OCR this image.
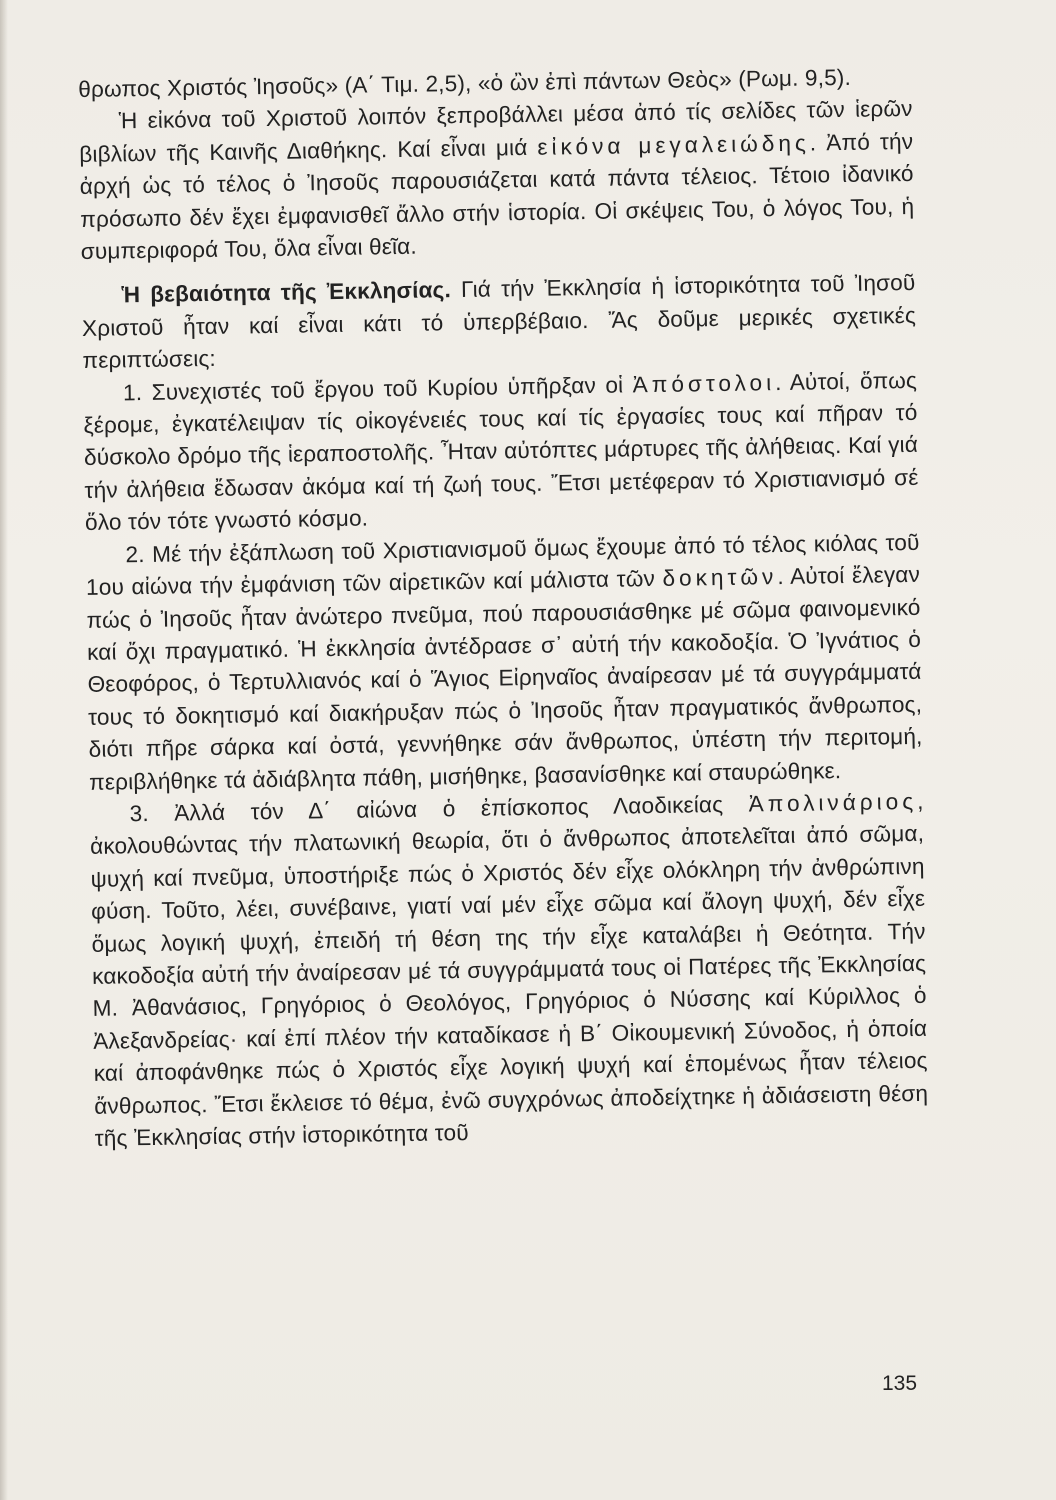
θρωπος Χριστός Ἰησοῦς» (Α΄ Τιμ. 2,5), «ὁ ὢν ἐπὶ πάντων Θεὸς» (Ρωμ. 9,5).

Ἡ εἰκόνα τοῦ Χριστοῦ λοιπόν ξεπροβάλλει μέσα ἀπό τίς σελίδες τῶν ἱερῶν βιβλίων τῆς Καινῆς Διαθήκης. Καί εἶναι μιά εἰκόνα μεγαλειώδης. Ἀπό τήν ἀρχή ὡς τό τέλος ὁ Ἰησοῦς παρουσιάζεται κατά πάντα τέλειος. Τέτοιο ἰδανικό πρόσωπο δέν ἔχει ἐμφανισθεῖ ἄλλο στήν ἱστορία. Οἱ σκέψεις Του, ὁ λόγος Του, ἡ συμπεριφορά Του, ὅλα εἶναι θεῖα.

Ἡ βεβαιότητα τῆς Ἐκκλησίας. Γιά τήν Ἐκκλησία ἡ ἱστορικότητα τοῦ Ἰησοῦ Χριστοῦ ἦταν καί εἶναι κάτι τό ὑπερβέβαιο. Ἄς δοῦμε μερικές σχετικές περιπτώσεις:

1. Συνεχιστές τοῦ ἔργου τοῦ Κυρίου ὑπῆρξαν οἱ Ἀπόστολοι. Αὐτοί, ὅπως ξέρομε, ἐγκατέλειψαν τίς οἰκογένειές τους καί τίς ἐργασίες τους καί πῆραν τό δύσκολο δρόμο τῆς ἱεραποστολῆς. Ἦταν αὐτόπτες μάρτυρες τῆς ἀλήθειας. Καί γιά τήν ἀλήθεια ἔδωσαν ἀκόμα καί τή ζωή τους. Ἔτσι μετέφεραν τό Χριστιανισμό σέ ὅλο τόν τότε γνωστό κόσμο.

2. Μέ τήν ἐξάπλωση τοῦ Χριστιανισμοῦ ὅμως ἔχουμε ἀπό τό τέλος κιόλας τοῦ 1ου αἰώνα τήν ἐμφάνιση τῶν αἱρετικῶν καί μάλιστα τῶν δοκητῶν. Αὐτοί ἔλεγαν πώς ὁ Ἰησοῦς ἦταν ἀνώτερο πνεῦμα, πού παρουσιάσθηκε μέ σῶμα φαινομενικό καί ὄχι πραγματικό. Ἡ ἐκκλησία ἀντέδρασε σ᾽ αὐτή τήν κακοδοξία. Ὁ Ἰγνάτιος ὁ Θεοφόρος, ὁ Τερτυλλιανός καί ὁ Ἅγιος Εἰρηναῖος ἀναίρεσαν μέ τά συγγράμματά τους τό δοκητισμό καί διακήρυξαν πώς ὁ Ἰησοῦς ἦταν πραγματικός ἄνθρωπος, διότι πῆρε σάρκα καί ὀστά, γεννήθηκε σάν ἄνθρωπος, ὑπέστη τήν περιτομή, περιβλήθηκε τά ἀδιάβλητα πάθη, μισήθηκε, βασανίσθηκε καί σταυρώθηκε.

3. Ἀλλά τόν Δ΄ αἰώνα ὁ ἐπίσκοπος Λαοδικείας Ἀπολινάριος, ἀκολουθώντας τήν πλατωνική θεωρία, ὅτι ὁ ἄνθρωπος ἀποτελεῖται ἀπό σῶμα, ψυχή καί πνεῦμα, ὑποστήριξε πώς ὁ Χριστός δέν εἶχε ολόκληρη τήν ἀνθρώπινη φύση. Τοῦτο, λέει, συνέβαινε, γιατί ναί μέν εἶχε σῶμα καί ἄλογη ψυχή, δέν εἶχε ὅμως λογική ψυχή, ἐπειδή τή θέση της τήν εἶχε καταλάβει ἡ Θεότητα. Τήν κακοδοξία αὐτή τήν ἀναίρεσαν μέ τά συγγράμματά τους οἱ Πατέρες τῆς Ἐκκλησίας Μ. Ἀθανάσιος, Γρηγόριος ὁ Θεολόγος, Γρηγόριος ὁ Νύσσης καί Κύριλλος ὁ Ἀλεξανδρείας· καί ἐπί πλέον τήν καταδίκασε ἡ Β΄ Οἰκουμενική Σύνοδος, ἡ ὁποία καί ἀποφάνθηκε πώς ὁ Χριστός εἶχε λογική ψυχή καί ἑπομένως ἦταν τέλειος ἄνθρωπος. Ἔτσι ἔκλεισε τό θέμα, ἐνῶ συγχρόνως ἀποδείχτηκε ἡ ἀδιάσειστη θέση τῆς Ἐκκλησίας στήν ἱστορικότητα τοῦ

135
